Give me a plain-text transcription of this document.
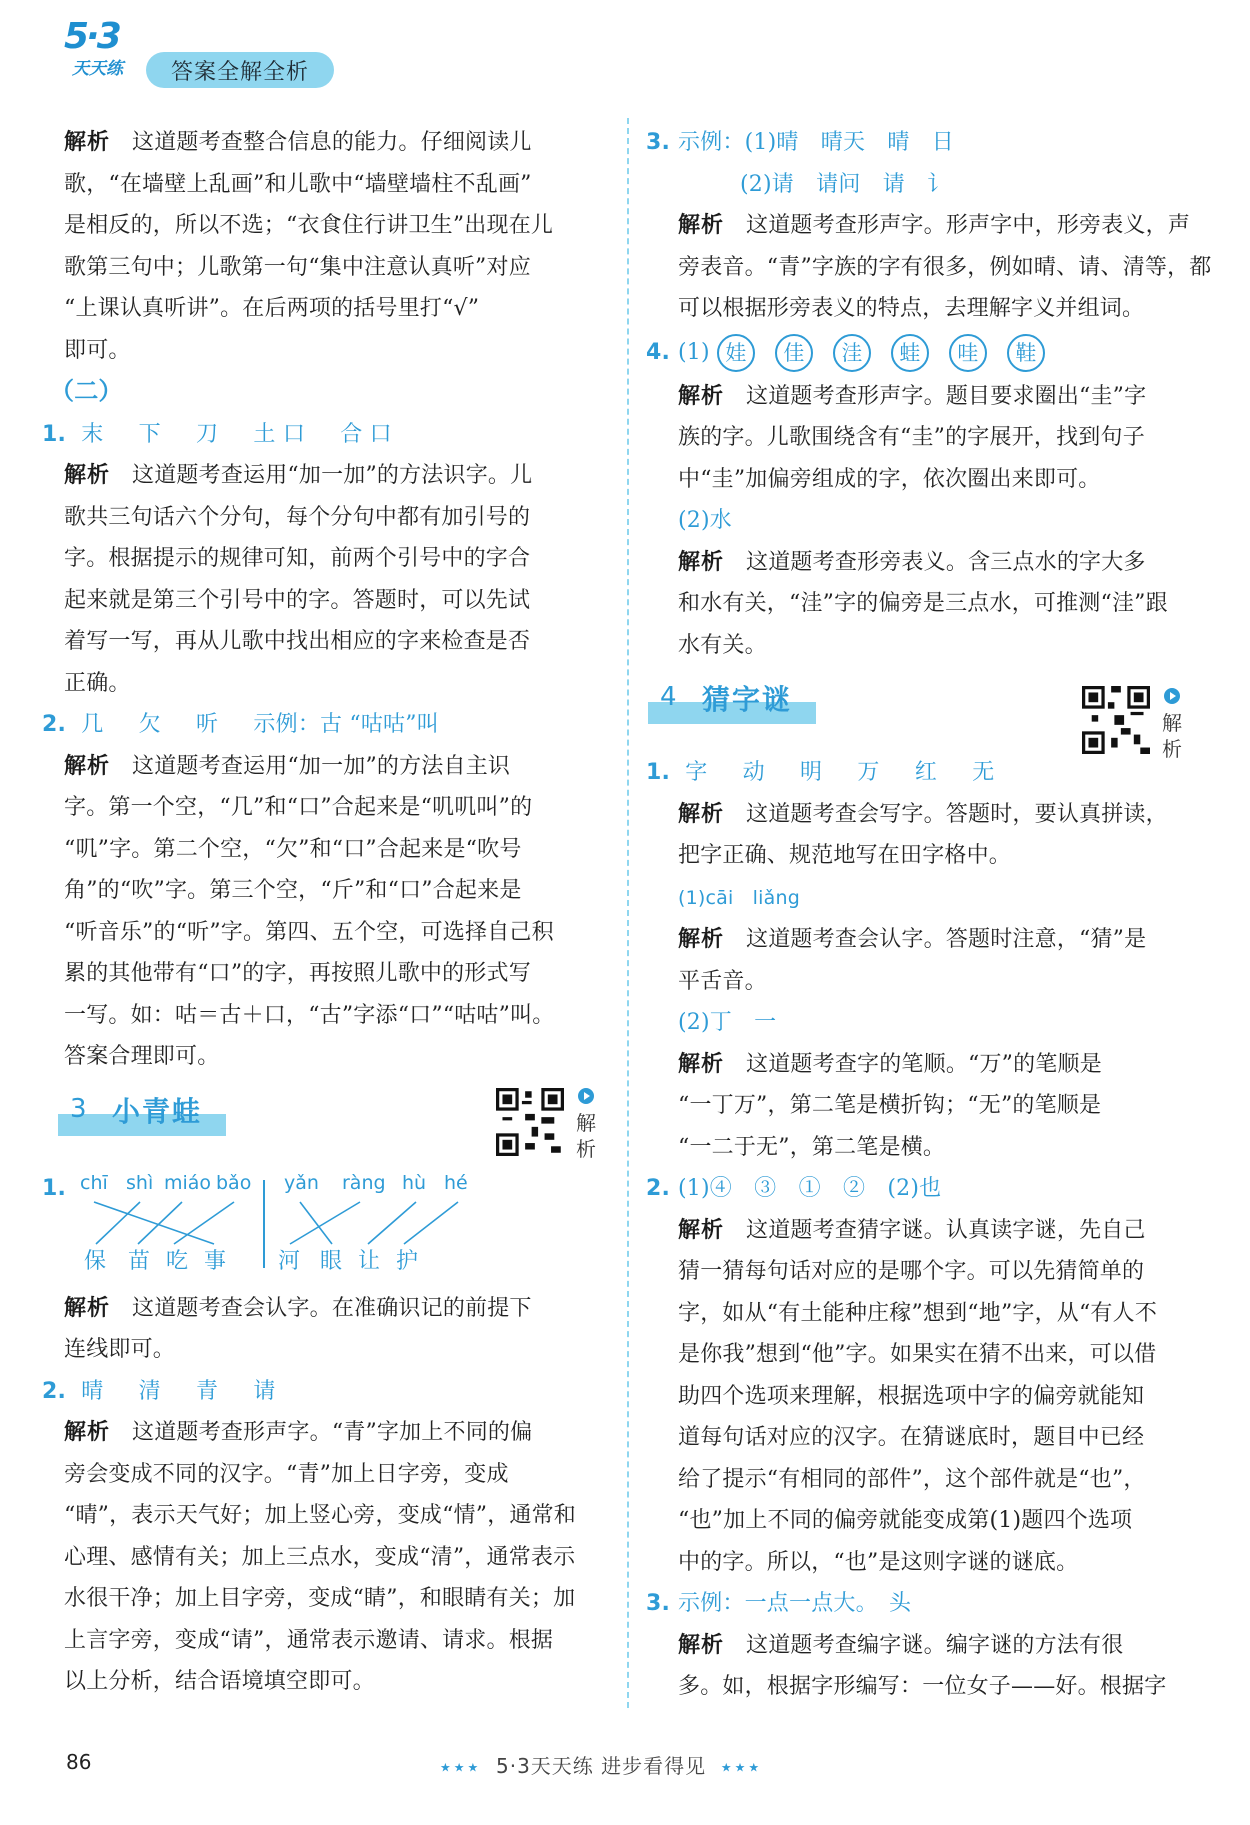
5·3
天天练	答案全解全析
解析 这道题考查整合信息的能力。仔细阅读儿
歌，“在墙壁上乱画”和儿歌中“墙壁墙柱不乱画”
是相反的，所以不选；“衣食住行讲卫生”出现在儿
歌第三句中；儿歌第一句“集中注意认真听”对应
“上课认真听讲”。在后两项的括号里打“√”
即可。
（二）
1. 末 下 刀 土 口 合 口
解析 这道题考查运用“加一加”的方法识字。儿
歌共三句话六个分句，每个分句中都有加引号的
字。根据提示的规律可知，前两个引号中的字合
起来就是第三个引号中的字。答题时，可以先试
着写一写，再从儿歌中找出相应的字来检查是否
正确。
2. 几 欠 听 示例：古 “咕咕”叫
解析 这道题考查运用“加一加”的方法自主识
字。第一个空，“几”和“口”合起来是“叽叽叫”的
“叽”字。第二个空，“欠”和“口”合起来是“吹号
角”的“吹”字。第三个空，“斤”和“口”合起来是
“听音乐”的“听”字。第四、五个空，可选择自己积
累的其他带有“口”的字，再按照儿歌中的形式写
一写。如：咕＝古＋口，“古”字添“口”“咕咕”叫。
答案合理即可。
3 小青蛙
1. chī shì miáo bǎo yǎn ràng hù hé
保 苗 吃 事 河 眼 让 护
解析 这道题考查会认字。在准确识记的前提下
连线即可。
2. 晴 清 青 请
解析 这道题考查形声字。“青”字加上不同的偏
旁会变成不同的汉字。“青”加上日字旁，变成
“晴”，表示天气好；加上竖心旁，变成“情”，通常和
心理、感情有关；加上三点水，变成“清”，通常表示
水很干净；加上目字旁，变成“睛”，和眼睛有关；加
上言字旁，变成“请”，通常表示邀请、请求。根据
以上分析，结合语境填空即可。
解析
3. 示例：(1)晴　晴天　晴　日
(2)请　请问　请　讠
解析 这道题考查形声字。形声字中，形旁表义，声
旁表音。“青”字族的字有很多，例如晴、请、清等，都
可以根据形旁表义的特点，去理解字义并组词。
4. (1) 娃 佳 洼 蛙 哇 鞋
解析 这道题考查形声字。题目要求圈出“圭”字
族的字。儿歌围绕含有“圭”的字展开，找到句子
中“圭”加偏旁组成的字，依次圈出来即可。
(2)水
解析 这道题考查形旁表义。含三点水的字大多
和水有关，“洼”字的偏旁是三点水，可推测“洼”跟
水有关。
4 猜字谜
1. 字 动 明 万 红 无
解析 这道题考查会写字。答题时，要认真拼读，
把字正确、规范地写在田字格中。
(1)cāi　liǎng
解析 这道题考查会认字。答题时注意，“猜”是
平舌音。
(2)丁　一
解析 这道题考查字的笔顺。“万”的笔顺是
“一丁万”，第二笔是横折钩；“无”的笔顺是
“一二于无”，第二笔是横。
2. (1)④　③　①　②　(2)也
解析 这道题考查猜字谜。认真读字谜，先自己
猜一猜每句话对应的是哪个字。可以先猜简单的
字，如从“有土能种庄稼”想到“地”字，从“有人不
是你我”想到“他”字。如果实在猜不出来，可以借
助四个选项来理解，根据选项中字的偏旁就能知
道每句话对应的汉字。在猜谜底时，题目中已经
给了提示“有相同的部件”，这个部件就是“也”，
“也”加上不同的偏旁就能变成第(1)题四个选项
中的字。所以，“也”是这则字谜的谜底。
3. 示例：一点一点大。　头
解析 这道题考查编字谜。编字谜的方法有很
多。如，根据字形编写：一位女子——好。根据字
解析
86	★★★ 5·3天天练 进步看得见 ★★★
